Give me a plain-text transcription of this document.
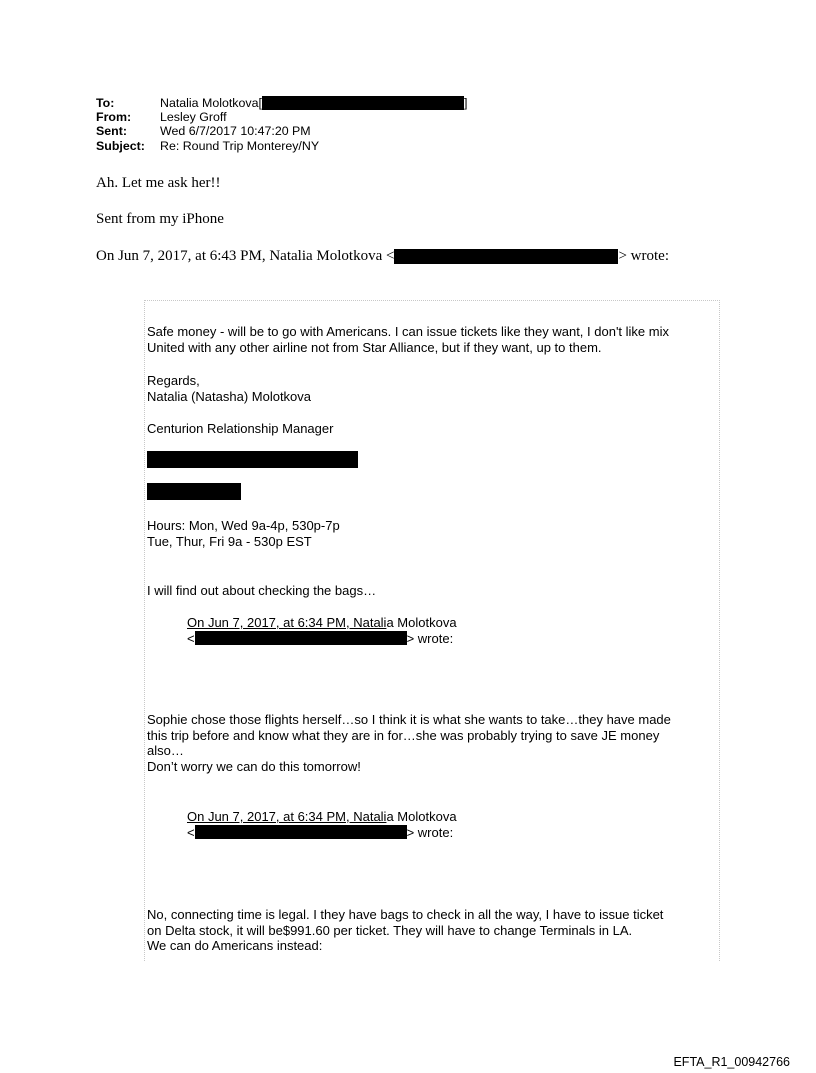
To:	Natalia Molotkova[	]
From:	Lesley Groff
Sent:	Wed 6/7/2017 10:47:20 PM
Subject:	Re: Round Trip Monterey/NY
Ah. Let me ask her!!
Sent from my iPhone
On Jun 7, 2017, at 6:43 PM, Natalia Molotkova <	> wrote:
Safe money - will be to go with Americans. I can issue tickets like they want, I don't like mix
United with any other airline not from Star Alliance, but if they want, up to them.
Regards,
Natalia (Natasha) Molotkova
Centurion Relationship Manager
Hours: Mon, Wed 9a-4p, 530p-7p
Tue, Thur, Fri 9a - 530p EST
I will find out about checking the bags…
On Jun 7, 2017, at 6:34 PM, Natalia Molotkova
<	> wrote:
Sophie chose those flights herself…so I think it is what she wants to take…they have made
this trip before and know what they are in for…she was probably trying to save JE money
also…
Don’t worry we can do this tomorrow!
On Jun 7, 2017, at 6:34 PM, Natalia Molotkova
<	> wrote:
No, connecting time is legal. I they have bags to check in all the way, I have to issue ticket
on Delta stock, it will be$991.60 per ticket. They will have to change Terminals in LA.
We can do Americans instead:
EFTA_R1_00942766
